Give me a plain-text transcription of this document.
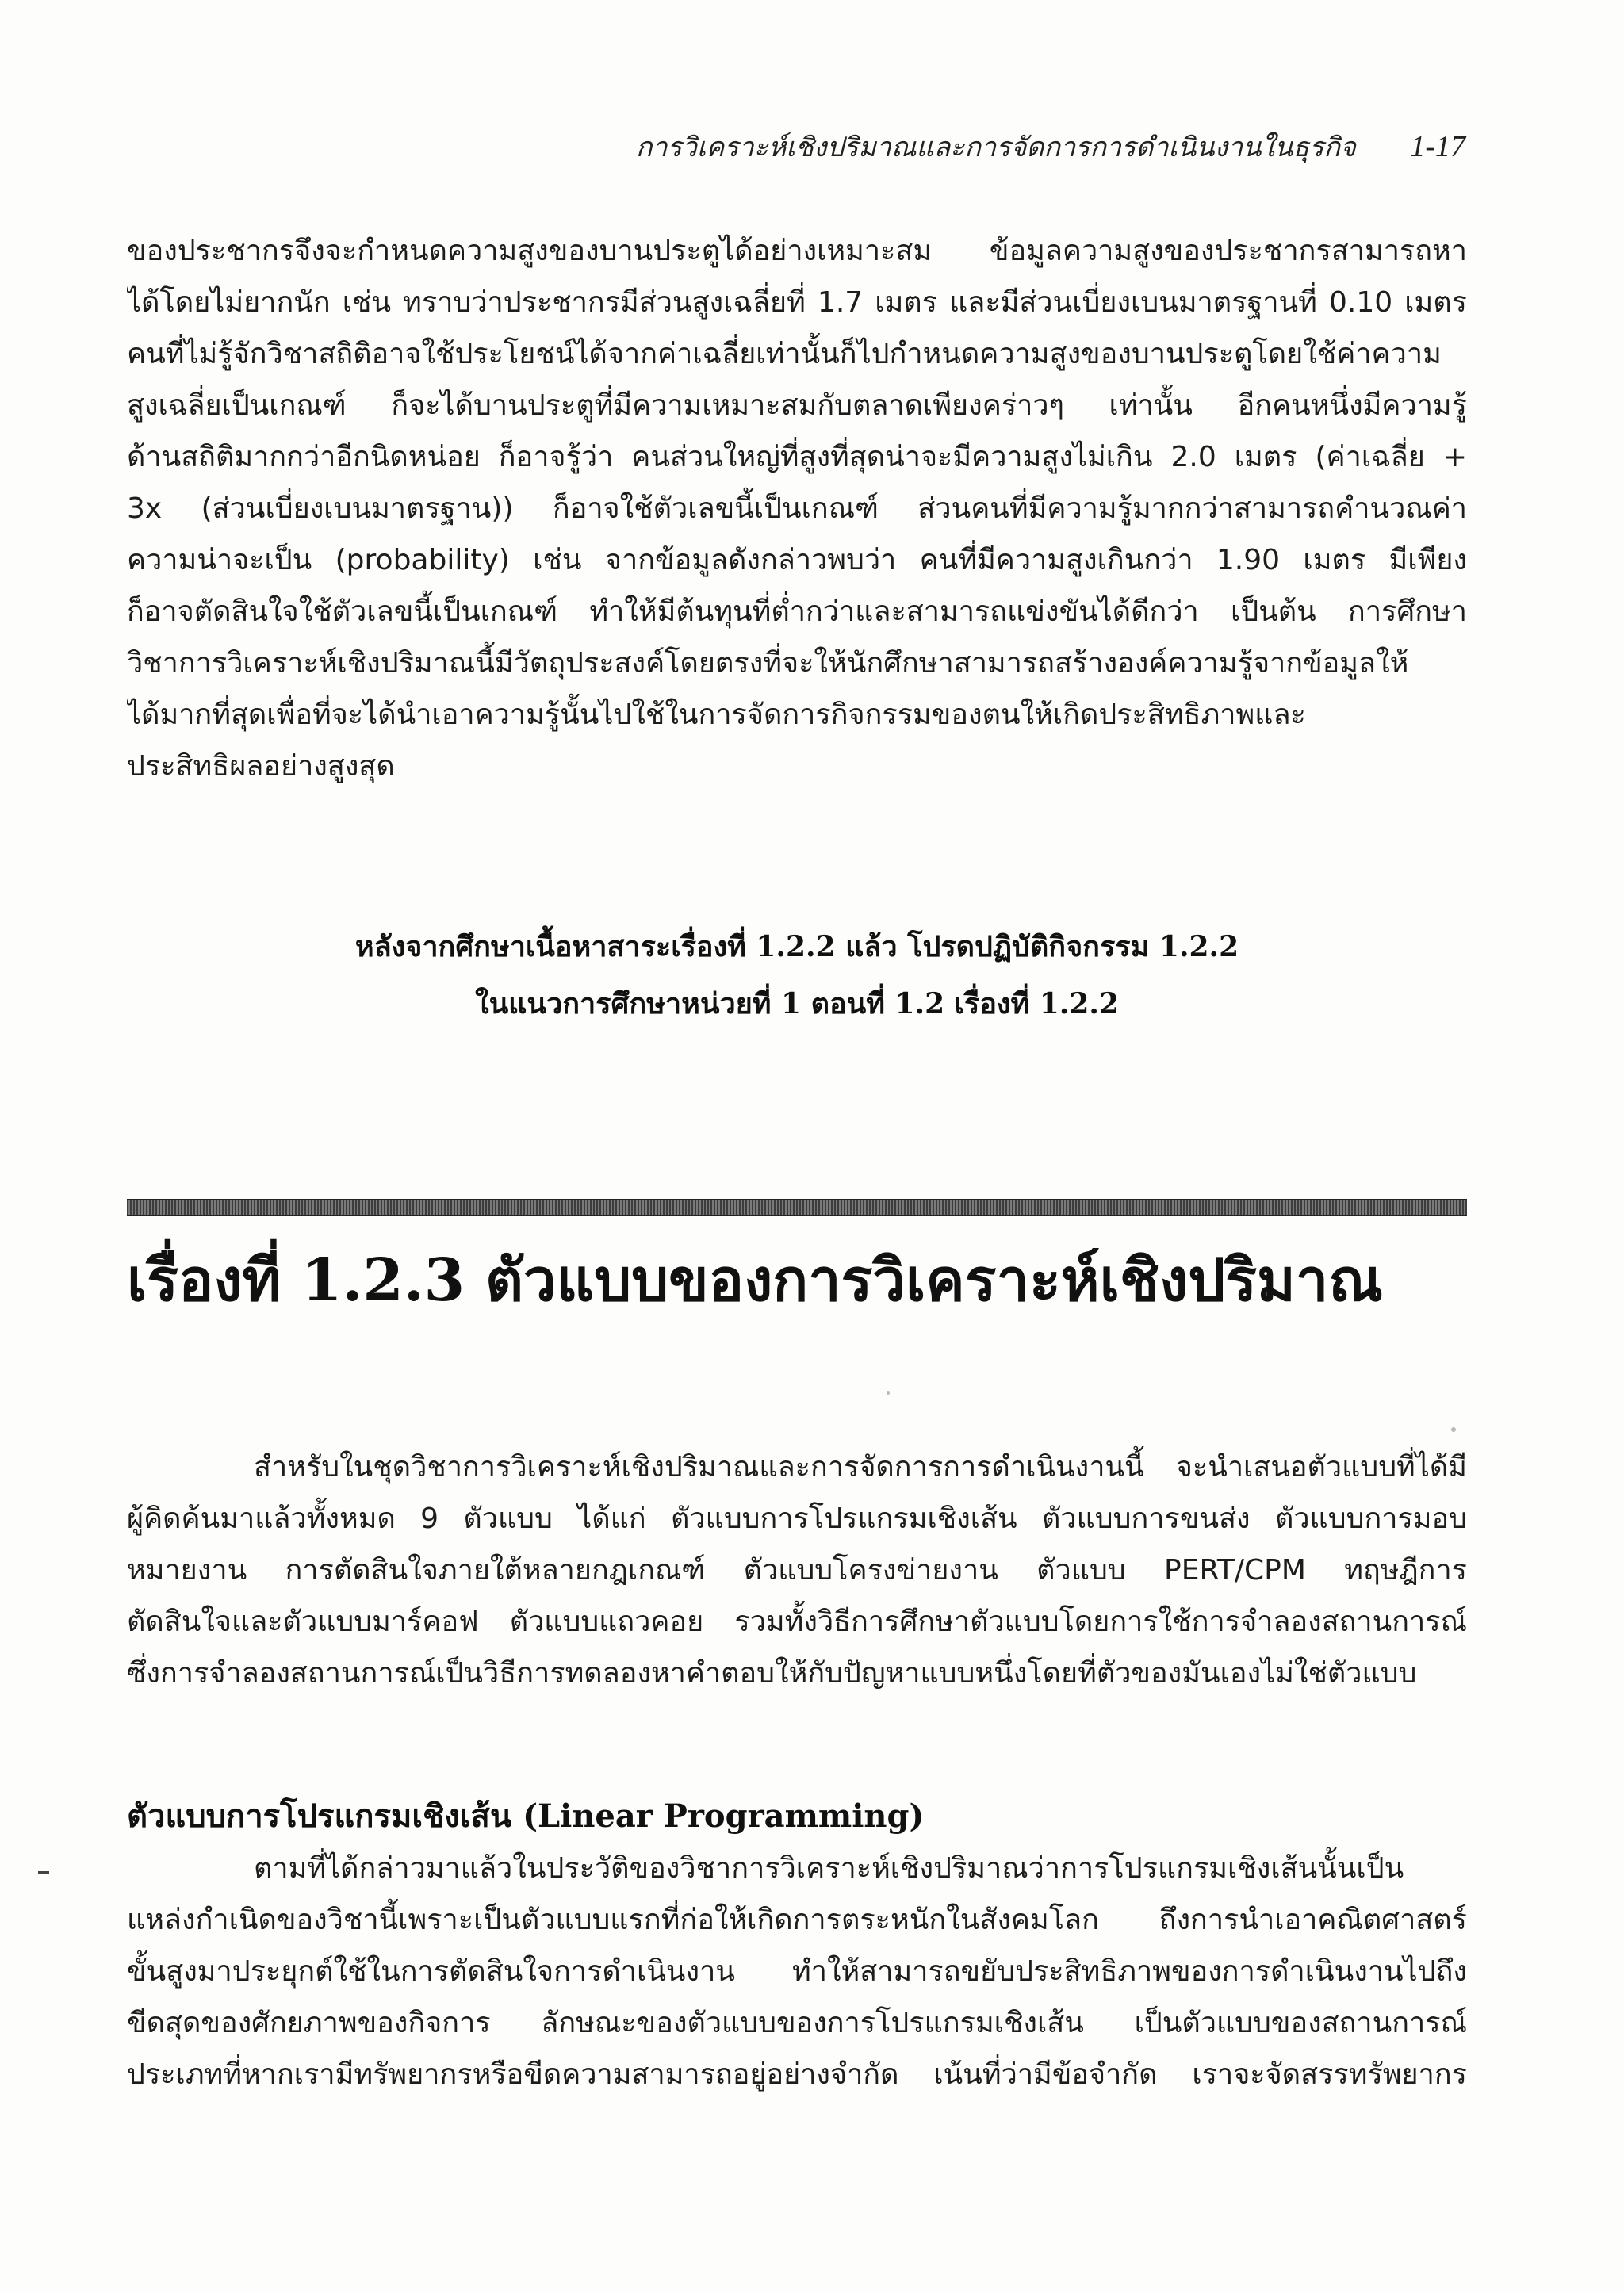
การวิเคราะห์เชิงปริมาณและการจัดการการดำเนินงานในธุรกิจ 1-17
ของประชากรจึงจะกำหนดความสูงของบานประตูได้อย่างเหมาะสม ข้อมูลความสูงของประชากรสามารถหา
ได้โดยไม่ยากนัก เช่น ทราบว่าประชากรมีส่วนสูงเฉลี่ยที่ 1.7 เมตร และมีส่วนเบี่ยงเบนมาตรฐานที่ 0.10 เมตร
คนที่ไม่รู้จักวิชาสถิติอาจใช้ประโยชน์ได้จากค่าเฉลี่ยเท่านั้นก็ไปกำหนดความสูงของบานประตูโดยใช้ค่าความ
สูงเฉลี่ยเป็นเกณฑ์ ก็จะได้บานประตูที่มีความเหมาะสมกับตลาดเพียงคร่าวๆ เท่านั้น อีกคนหนึ่งมีความรู้
ด้านสถิติมากกว่าอีกนิดหน่อย ก็อาจรู้ว่า คนส่วนใหญ่ที่สูงที่สุดน่าจะมีความสูงไม่เกิน 2.0 เมตร (ค่าเฉลี่ย +
3x (ส่วนเบี่ยงเบนมาตรฐาน)) ก็อาจใช้ตัวเลขนี้เป็นเกณฑ์ ส่วนคนที่มีความรู้มากกว่าสามารถคำนวณค่า
ความน่าจะเป็น (probability) เช่น จากข้อมูลดังกล่าวพบว่า คนที่มีความสูงเกินกว่า 1.90 เมตร มีเพียง
ก็อาจตัดสินใจใช้ตัวเลขนี้เป็นเกณฑ์ ทำให้มีต้นทุนที่ต่ำกว่าและสามารถแข่งขันได้ดีกว่า เป็นต้น การศึกษา
วิชาการวิเคราะห์เชิงปริมาณนี้มีวัตถุประสงค์โดยตรงที่จะให้นักศึกษาสามารถสร้างองค์ความรู้จากข้อมูลให้
ได้มากที่สุดเพื่อที่จะได้นำเอาความรู้นั้นไปใช้ในการจัดการกิจกรรมของตนให้เกิดประสิทธิภาพและ
ประสิทธิผลอย่างสูงสุด
หลังจากศึกษาเนื้อหาสาระเรื่องที่ 1.2.2 แล้ว โปรดปฏิบัติกิจกรรม 1.2.2
ในแนวการศึกษาหน่วยที่ 1 ตอนที่ 1.2 เรื่องที่ 1.2.2
เรื่องที่ 1.2.3 ตัวแบบของการวิเคราะห์เชิงปริมาณ
สำหรับในชุดวิชาการวิเคราะห์เชิงปริมาณและการจัดการการดำเนินงานนี้ จะนำเสนอตัวแบบที่ได้มี
ผู้คิดค้นมาแล้วทั้งหมด 9 ตัวแบบ ได้แก่ ตัวแบบการโปรแกรมเชิงเส้น ตัวแบบการขนส่ง ตัวแบบการมอบ
หมายงาน การตัดสินใจภายใต้หลายกฎเกณฑ์ ตัวแบบโครงข่ายงาน ตัวแบบ PERT/CPM ทฤษฎีการ
ตัดสินใจและตัวแบบมาร์คอฟ ตัวแบบแถวคอย รวมทั้งวิธีการศึกษาตัวแบบโดยการใช้การจำลองสถานการณ์
ซึ่งการจำลองสถานการณ์เป็นวิธีการทดลองหาคำตอบให้กับปัญหาแบบหนึ่งโดยที่ตัวของมันเองไม่ใช่ตัวแบบ
ตัวแบบการโปรแกรมเชิงเส้น (Linear Programming)
ตามที่ได้กล่าวมาแล้วในประวัติของวิชาการวิเคราะห์เชิงปริมาณว่าการโปรแกรมเชิงเส้นนั้นเป็น
แหล่งกำเนิดของวิชานี้เพราะเป็นตัวแบบแรกที่ก่อให้เกิดการตระหนักในสังคมโลก ถึงการนำเอาคณิตศาสตร์
ขั้นสูงมาประยุกต์ใช้ในการตัดสินใจการดำเนินงาน ทำให้สามารถขยับประสิทธิภาพของการดำเนินงานไปถึง
ขีดสุดของศักยภาพของกิจการ ลักษณะของตัวแบบของการโปรแกรมเชิงเส้น เป็นตัวแบบของสถานการณ์
ประเภทที่หากเรามีทรัพยากรหรือขีดความสามารถอยู่อย่างจำกัด เน้นที่ว่ามีข้อจำกัด เราจะจัดสรรทรัพยากร
